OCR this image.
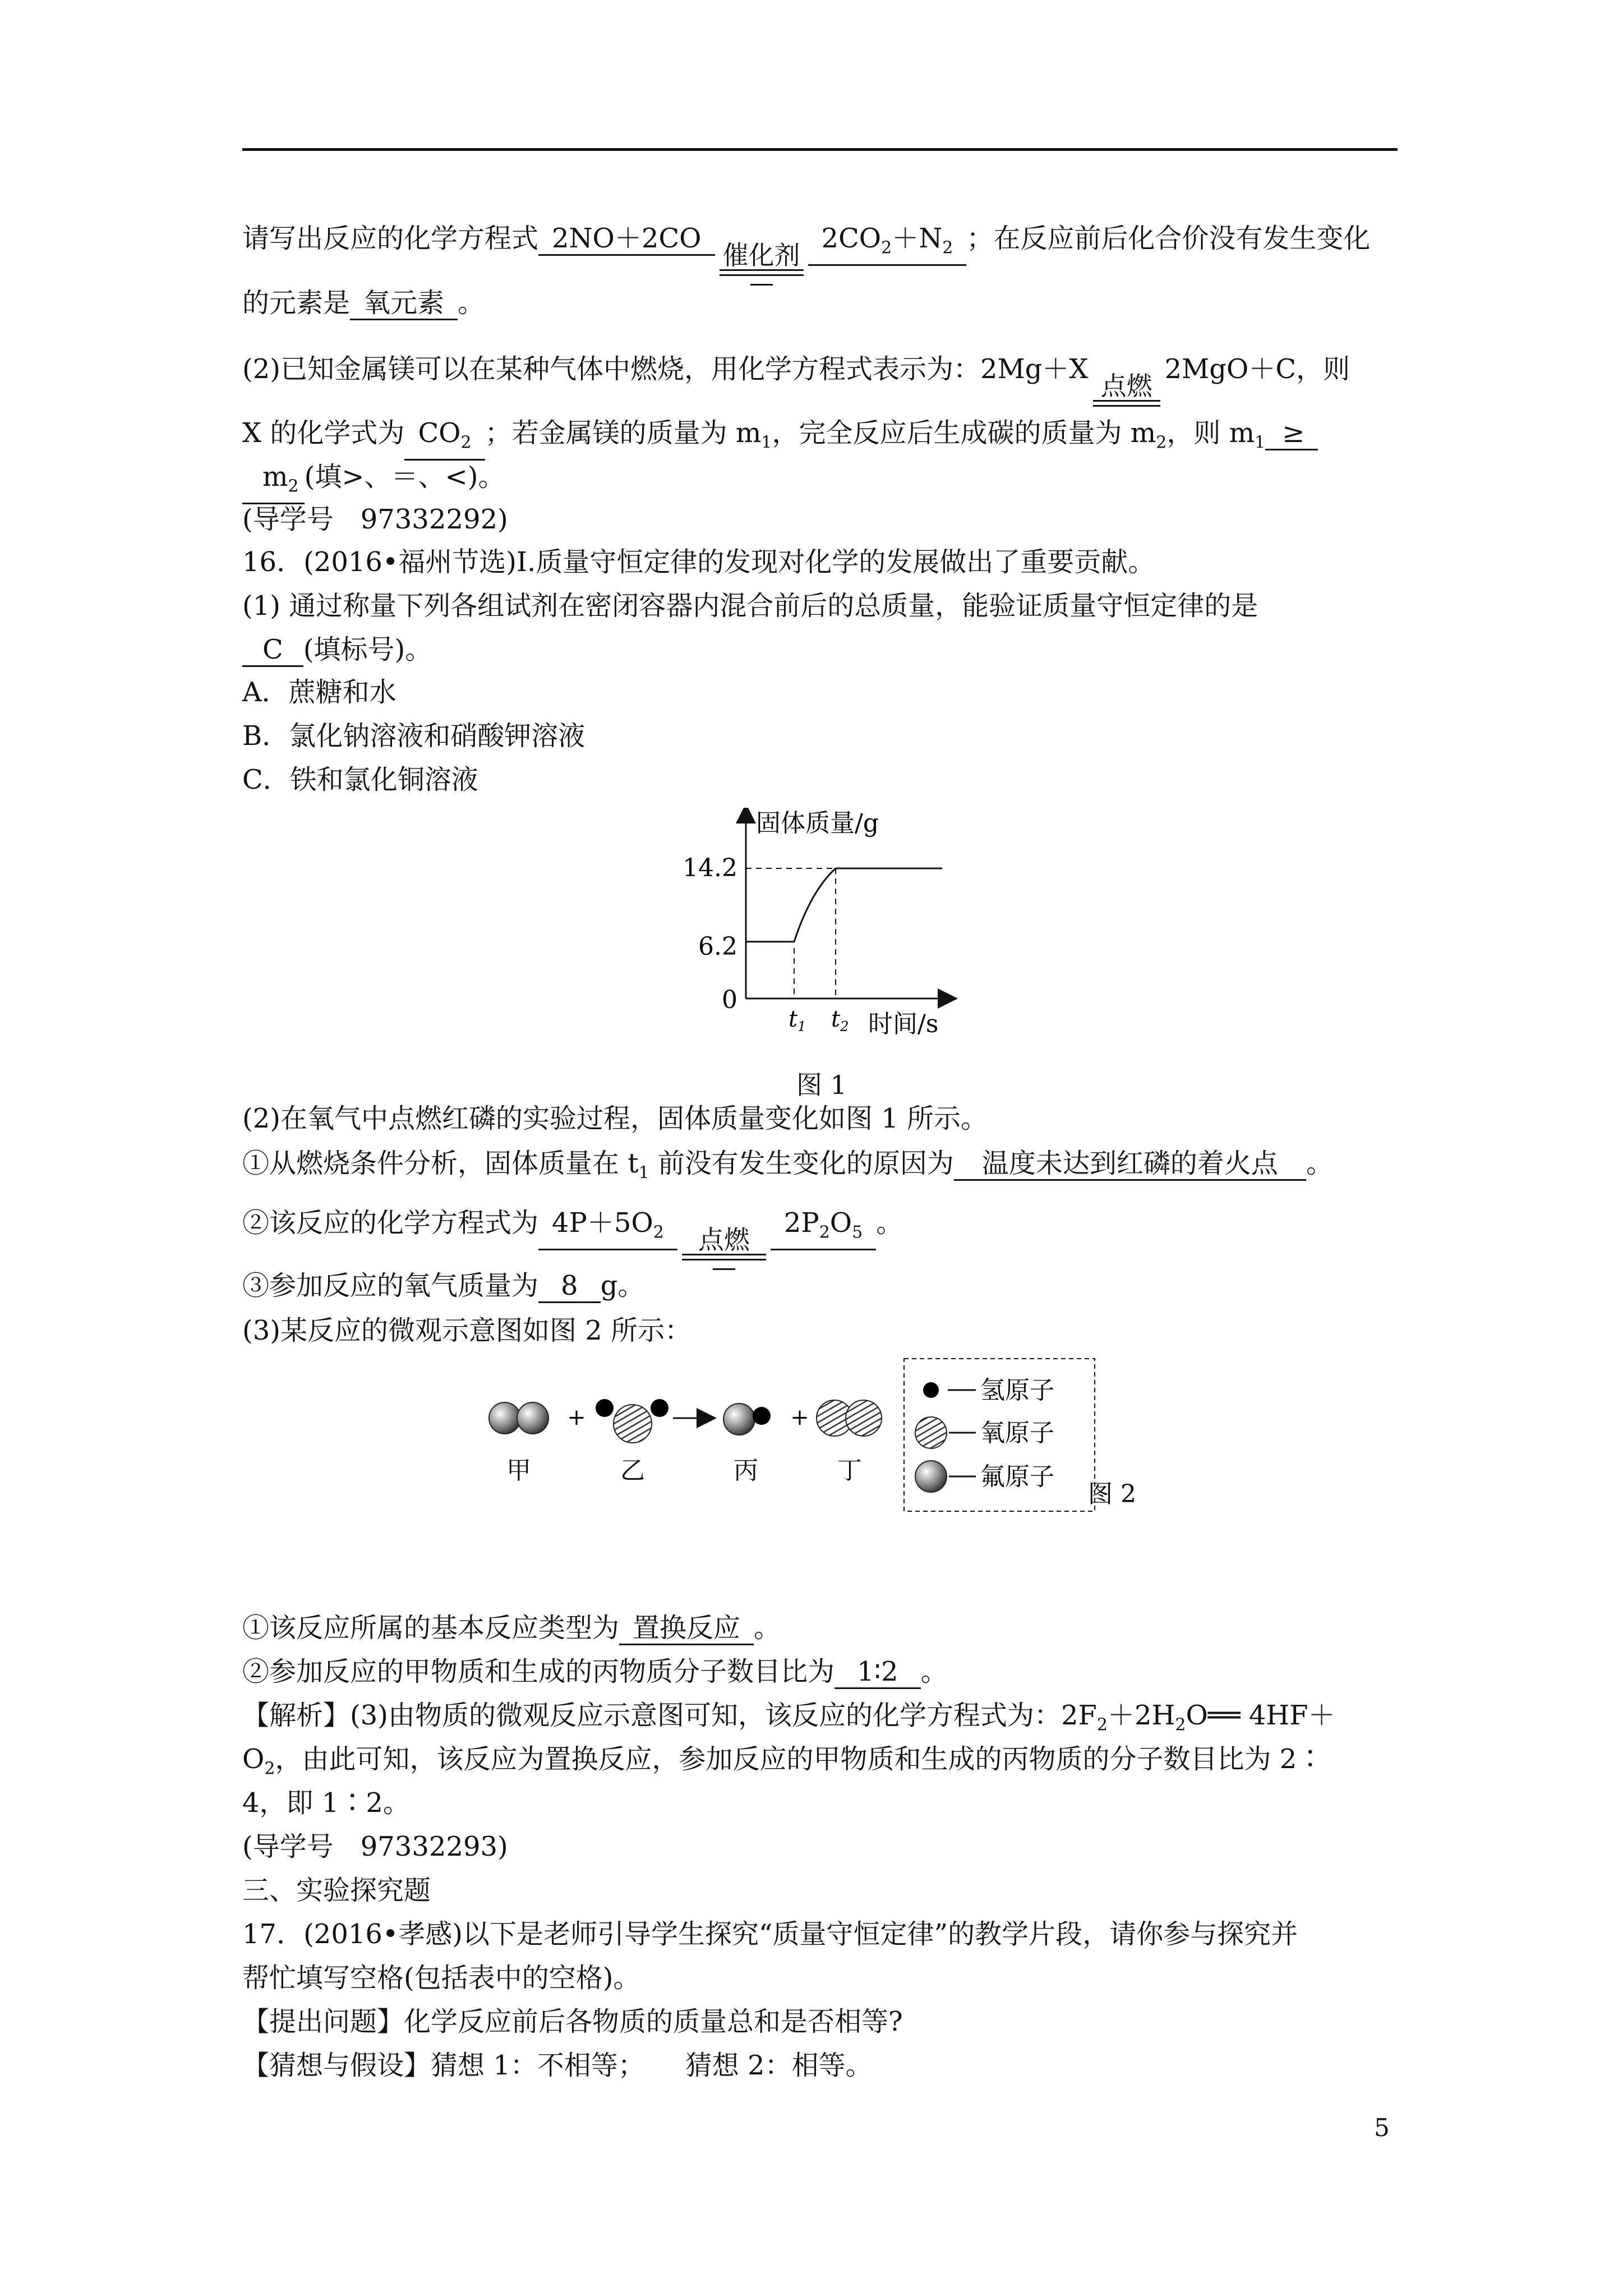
请写出反应的化学方程式 2NO＋2CO
催化剂
$2CO_2+N_2$ ；在反应前后化合价没有发生变化
的元素是 氧元素 。
(2)已知金属镁可以在某种气体中燃烧，用化学方程式表示为：2Mg＋X
点燃
2MgO＋C，则
X 的化学式为 $CO_2$ ；若金属镁的质量为 $m_1$，完全反应后生成碳的质量为 $m_2$，则 $m_1$ ≥
$m_2$ (填>、＝、<)。
(导学号　97332292)
16．(2016•福州节选)Ⅰ.质量守恒定律的发现对化学的发展做出了重要贡献。
(1) 通过称量下列各组试剂在密闭容器内混合前后的总质量，能验证质量守恒定律的是
C (填标号)。
A．蔗糖和水
B．氯化钠溶液和硝酸钾溶液
C．铁和氯化铜溶液
固体质量/g
时间/s
14.2
6.2
0
$t_1$ $t_2$
图 1
(2)在氧气中点燃红磷的实验过程，固体质量变化如图 1 所示。
①从燃烧条件分析，固体质量在 $t_1$ 前没有发生变化的原因为 温度未达到红磷的着火点 。
②该反应的化学方程式为 $4P+5O_2$ 点燃
$2P_2O_5$ 。
③参加反应的氧气质量为 8 g。
(3)某反应的微观示意图如图 2 所示：
+	+
甲	乙	丙	丁
氢原子
氧原子
氟原子
图 2
①该反应所属的基本反应类型为 置换反应 。
②参加反应的甲物质和生成的丙物质分子数目比为 1∶2 。
【解析】(3)由物质的微观反应示意图可知，该反应的化学方程式为：$2F_2+2H_2O══$ 4HF＋
$O_2$，由此可知，该反应为置换反应，参加反应的甲物质和生成的丙物质的分子数目比为 2∶
4，即 1∶2。
(导学号　97332293)
三、实验探究题
17．(2016•孝感)以下是老师引导学生探究“质量守恒定律”的教学片段，请你参与探究并
帮忙填写空格(包括表中的空格)。
【提出问题】化学反应前后各物质的质量总和是否相等?
【猜想与假设】猜想 1：不相等；　　猜想 2：相等。
5
